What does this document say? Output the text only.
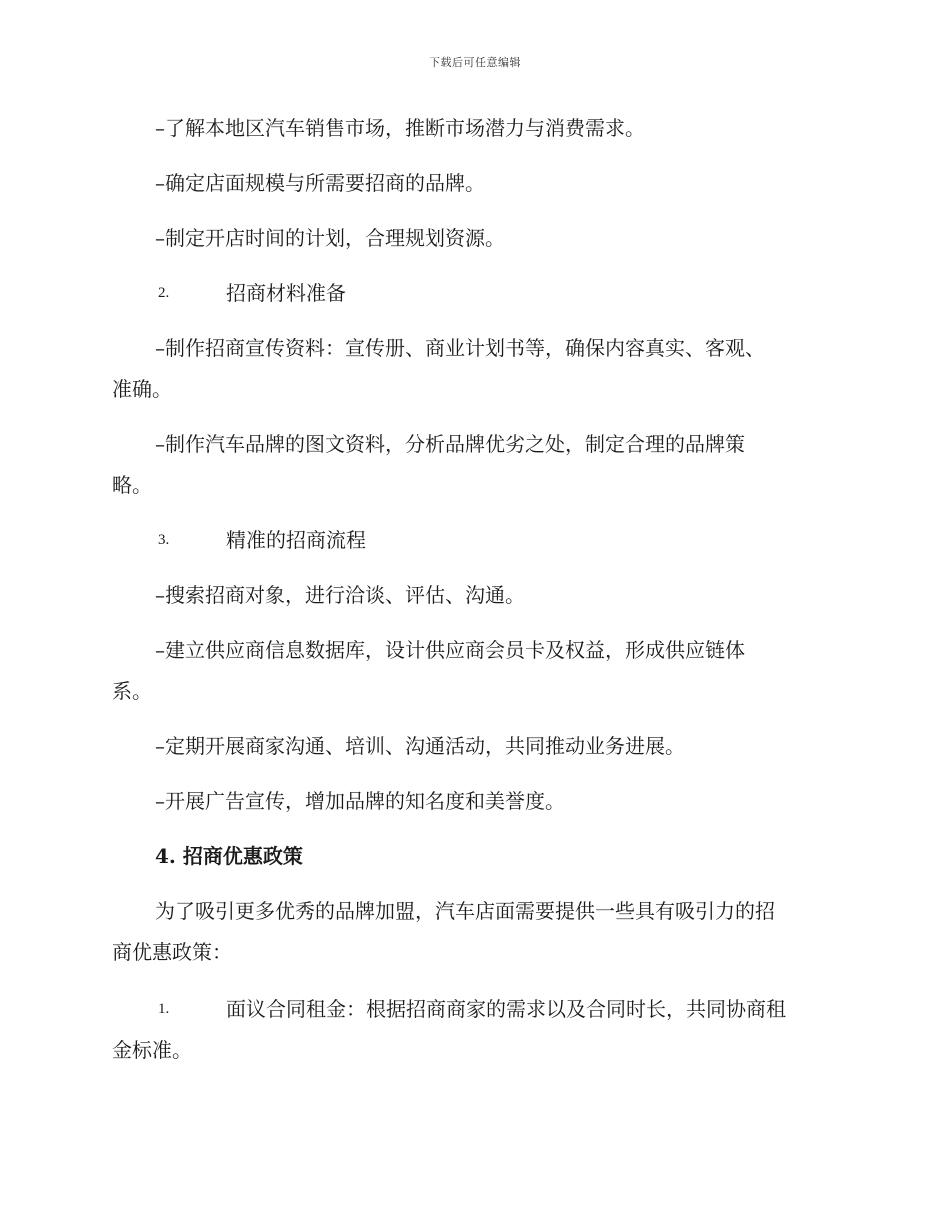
下载后可任意编辑
–了解本地区汽车销售市场，推断市场潜力与消费需求。
–确定店面规模与所需要招商的品牌。
–制定开店时间的计划，合理规划资源。
2.	招商材料准备
–制作招商宣传资料：宣传册、商业计划书等，确保内容真实、客观、
准确。
–制作汽车品牌的图文资料，分析品牌优劣之处，制定合理的品牌策
略。
3.	精准的招商流程
–搜索招商对象，进行洽谈、评估、沟通。
–建立供应商信息数据库，设计供应商会员卡及权益，形成供应链体
系。
–定期开展商家沟通、培训、沟通活动，共同推动业务进展。
–开展广告宣传，增加品牌的知名度和美誉度。
4. 招商优惠政策
为了吸引更多优秀的品牌加盟，汽车店面需要提供一些具有吸引力的招
商优惠政策：
1.	面议合同租金：根据招商商家的需求以及合同时长，共同协商租
金标准。
